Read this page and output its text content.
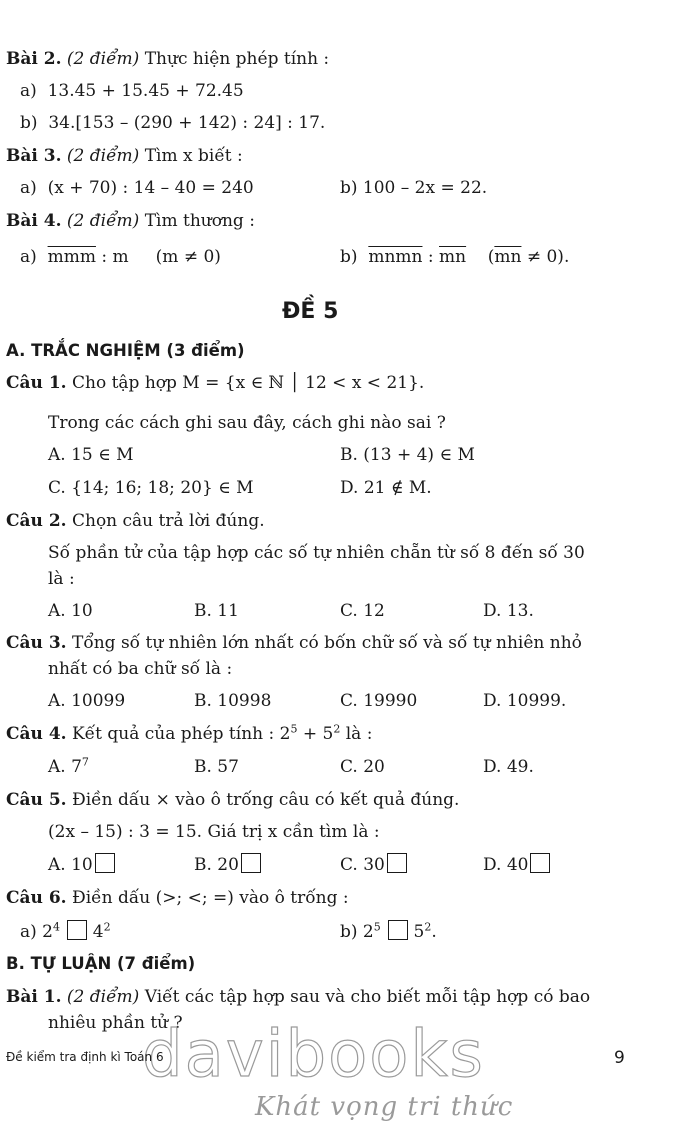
Bài 2. (2 điểm) Thực hiện phép tính :
a)  13.45 + 15.45 + 72.45
b)  34.[153 – (290 + 142) : 24] : 17.
Bài 3. (2 điểm) Tìm x biết :
a)  (x + 70) : 14 – 40 = 240	b) 100 – 2x = 22.
Bài 4. (2 điểm) Tìm thương :
a)  $\overline{mmm}$ : m (m ≠ 0)	b)  mnmn : $\overline{mn}$ $(\overline{mn} \ne 0)$.
ĐỀ 5
A. TRẮC NGHIỆM (3 điểm)
Câu 1. Cho tập hợp M = {x ∈ ℕ │ 12 < x < 21}.
Trong các cách ghi sau đây, cách ghi nào sai ?
A. 15 ∈ M	B. (13 + 4) ∈ M
C. {14; 16; 18; 20} ∈ M	D. 21 ∉ M.
Câu 2. Chọn câu trả lời đúng.
Số phần tử của tập hợp các số tự nhiên chẵn từ số 8 đến số 30
là :
A. 10	B. 11	C. 12	D. 13.
Câu 3. Tổng số tự nhiên lớn nhất có bốn chữ số và số tự nhiên nhỏ
nhất có ba chữ số là :
A. 10099	B. 10998	C. 19990	D. 10999.
Câu 4. Kết quả của phép tính : $2^5 + 5^2$ là :
A. $7^7$	B. 57	C. 20	D. 49.
Câu 5. Điền dấu × vào ô trống câu có kết quả đúng.
(2x – 15) : 3 = 15. Giá trị x cần tìm là :
A. 10	B. 20	C. 30	D. 40
Câu 6. Điền dấu (>; <; =) vào ô trống :
a) $2^4$  $4^2$	b) $2^5$  $5^2$.
B. TỰ LUẬN (7 điểm)
Bài 1. (2 điểm) Viết các tập hợp sau và cho biết mỗi tập hợp có bao
nhiêu phần tử ?
davibooks
Khát vọng tri thức
Đề kiểm tra định kì Toán 6	9
